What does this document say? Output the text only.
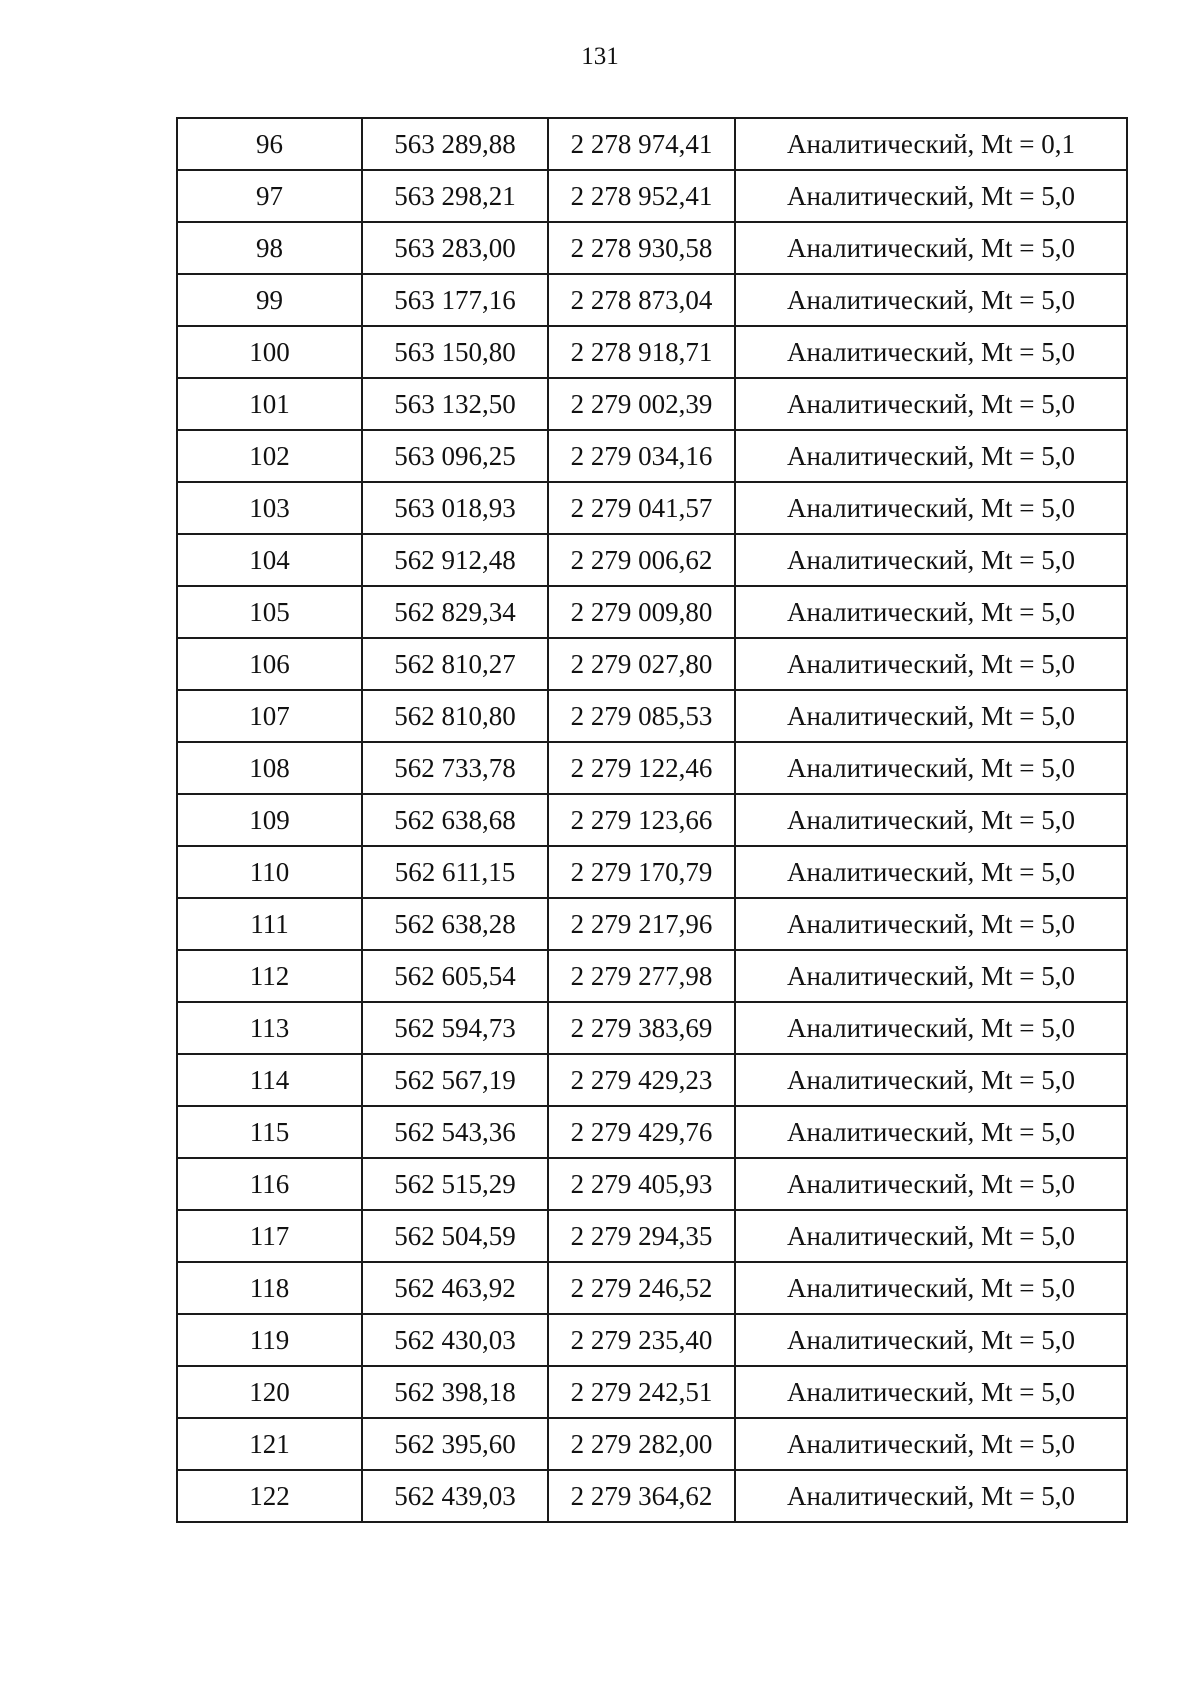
131
96	563 289,88	2 278 974,41	Аналитический, Mt = 0,1
97	563 298,21	2 278 952,41	Аналитический, Mt = 5,0
98	563 283,00	2 278 930,58	Аналитический, Mt = 5,0
99	563 177,16	2 278 873,04	Аналитический, Mt = 5,0
100	563 150,80	2 278 918,71	Аналитический, Mt = 5,0
101	563 132,50	2 279 002,39	Аналитический, Mt = 5,0
102	563 096,25	2 279 034,16	Аналитический, Mt = 5,0
103	563 018,93	2 279 041,57	Аналитический, Mt = 5,0
104	562 912,48	2 279 006,62	Аналитический, Mt = 5,0
105	562 829,34	2 279 009,80	Аналитический, Mt = 5,0
106	562 810,27	2 279 027,80	Аналитический, Mt = 5,0
107	562 810,80	2 279 085,53	Аналитический, Mt = 5,0
108	562 733,78	2 279 122,46	Аналитический, Mt = 5,0
109	562 638,68	2 279 123,66	Аналитический, Mt = 5,0
110	562 611,15	2 279 170,79	Аналитический, Mt = 5,0
111	562 638,28	2 279 217,96	Аналитический, Mt = 5,0
112	562 605,54	2 279 277,98	Аналитический, Mt = 5,0
113	562 594,73	2 279 383,69	Аналитический, Mt = 5,0
114	562 567,19	2 279 429,23	Аналитический, Mt = 5,0
115	562 543,36	2 279 429,76	Аналитический, Mt = 5,0
116	562 515,29	2 279 405,93	Аналитический, Mt = 5,0
117	562 504,59	2 279 294,35	Аналитический, Mt = 5,0
118	562 463,92	2 279 246,52	Аналитический, Mt = 5,0
119	562 430,03	2 279 235,40	Аналитический, Mt = 5,0
120	562 398,18	2 279 242,51	Аналитический, Mt = 5,0
121	562 395,60	2 279 282,00	Аналитический, Mt = 5,0
122	562 439,03	2 279 364,62	Аналитический, Mt = 5,0
